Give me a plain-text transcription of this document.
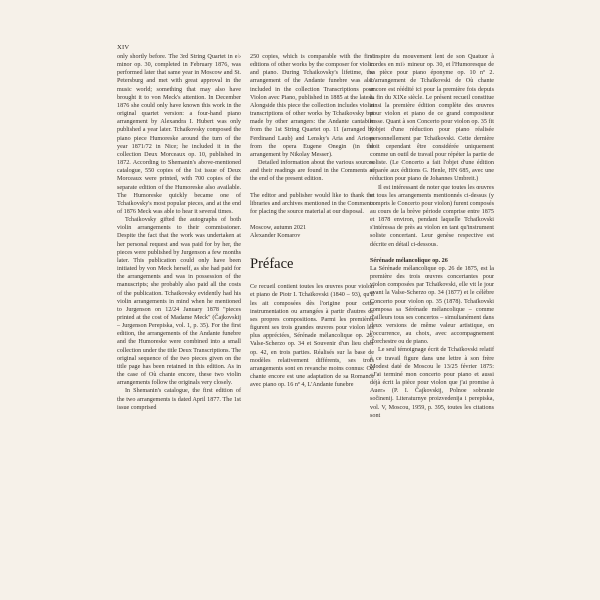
XIV

only shortly before. The 3rd String Quartet in e♭ minor op. 30, completed in February 1876, was performed later that same year in Moscow and St. Petersburg and met with great approval in the music world; something that may also have brought it to von Meck's attention. In December 1876 she could only have known this work in the original quartet version: a four-hand piano arrangement by Alexandra I. Hubert was only published a year later. Tchaikovsky composed the piano piece Humoreske around the turn of the year 1871/72 in Nice; he included it in the collection Deux Morceaux op. 10, published in 1872. According to Shemanin's above-mentioned catalogue, 550 copies of the 1st issue of Deux Morceaux were printed, with 700 copies of the separate edition of the Humoreske also available. The Humoreske quickly became one of Tchaikovsky's most popular pieces, and at the end of 1876 Meck was able to hear it several times.

Tchaikovsky gifted the autographs of both violin arrangements to their commissioner. Despite the fact that the work was undertaken at her personal request and was paid for by her, the pieces were published by Jurgenson a few months later. This publication could only have been initiated by von Meck herself, as she had paid for the arrangements and was in possession of the manuscripts; she probably also paid all the costs of the publication. Tchaikovsky evidently had his violin arrangements in mind when he mentioned to Jurgenson on 12/24 January 1878 "pieces printed at the cost of Madame Meck" (Čajkovskij – Jurgenson Perepiska, vol. 1, p. 35). For the first edition, the arrangements of the Andante funebre and the Humoreske were combined into a small collection under the title Deux Transcriptions. The original sequence of the two pieces given on the title page has been retained in this edition. As in the case of Où chante encore, these two violin arrangements follow the originals very closely.

In Shemanin's catalogue, the first edition of the two arrangements is dated April 1877. The 1st issue comprised

250 copies, which is comparable with the first editions of other works by the composer for violin and piano. During Tchaikovsky's lifetime, the arrangement of the Andante funebre was also included in the collection Transcriptions pour Violon avec Piano, published in 1885 at the latest. Alongside this piece the collection includes violin transcriptions of other works by Tchaikovsky but made by other arrangers: the Andante cantabile from the 1st String Quartet op. 11 (arranged by Ferdinand Laub) and Lensky's Aria and Arioso from the opera Eugene Onegin (in the arrangement by Nikolay Messer).

Detailed information about the various sources and their readings are found in the Comments at the end of the present edition.

The editor and publisher would like to thank the libraries and archives mentioned in the Comments for placing the source material at our disposal.

Moscow, autumn 2021

Alexander Komarov

Préface

Ce recueil contient toutes les œuvres pour violon et piano de Piotr I. Tchaïkovski (1840 – 93), qu'il les ait composées dès l'origine pour cette instrumentation ou arrangées à partir d'autres de ses propres compositions. Parmi les premières figurent ses trois grandes œuvres pour violon les plus appréciées, Sérénade mélancolique op. 26, Valse-Scherzo op. 34 et Souvenir d'un lieu cher op. 42, en trois parties. Réalisés sur la base de modèles relativement différents, ses trois arrangements sont en revanche moins connus: Où chante encore est une adaptation de sa Romance avec piano op. 16 nº 4, L'Andante funebre

s'inspire du mouvement lent de son Quatuor à cordes en mi♭ mineur op. 30, et l'Humoresque de sa pièce pour piano éponyme op. 10 nº 2. L'arrangement de Tchaïkovski de Où chante encore est réédité ici pour la première fois depuis la fin du XIXe siècle. Le présent recueil constitue ainsi la première édition complète des œuvres pour violon et piano de ce grand compositeur russe. Quant à son Concerto pour violon op. 35 fit l'objet d'une réduction pour piano réalisée personnellement par Tchaïkovski. Cette dernière doit cependant être considérée uniquement comme un outil de travail pour répéter la partie de soliste. (Le Concerto a fait l'objet d'une édition séparée aux éditions G. Henle, HN 685, avec une réduction pour piano de Johannes Umbreit.)

Il est intéressant de noter que toutes les œuvres et tous les arrangements mentionnés ci-dessus (y compris le Concerto pour violon) furent composés au cours de la brève période comprise entre 1875 et 1878 environ, pendant laquelle Tchaïkovski s'intéressa de près au violon en tant qu'instrument soliste concertant. Leur genèse respective est décrite en détail ci-dessous.

Sérénade mélancolique op. 26

La Sérénade mélancolique op. 26 de 1875, est la première des trois œuvres concertantes pour violon composées par Tchaïkovski, elle vit le jour avant la Valse-Scherzo op. 34 (1877) et le célèbre Concerto pour violon op. 35 (1878). Tchaïkovski composa sa Sérénade mélancolique – comme d'ailleurs tous ses concertos – simultanément dans deux versions de même valeur artistique, en l'occurrence, au choix, avec accompagnement d'orchestre ou de piano.

Le seul témoignage écrit de Tchaïkovski relatif à ce travail figure dans une lettre à son frère Modest daté de Moscou le 13/25 février 1875: «J'ai terminé mon concerto pour piano et aussi déjà écrit la pièce pour violon que j'ai promise à Auer» (P. I. Čajkovskij, Polnoe sobranie sočinenij. Literaturnye proizvedenija i perepiska, vol. V, Moscou, 1959, p. 395, toutes les citations sont
